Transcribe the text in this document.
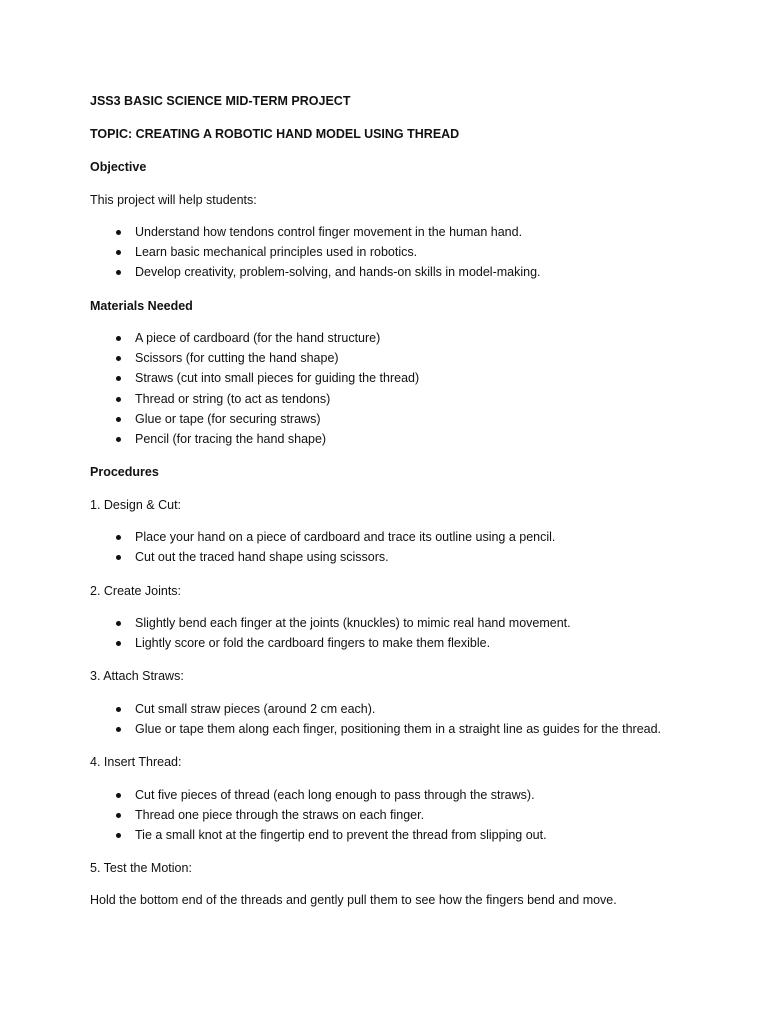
JSS3 BASIC SCIENCE MID-TERM PROJECT

TOPIC: CREATING A ROBOTIC HAND MODEL USING THREAD

Objective

This project will help students:

Understand how tendons control finger movement in the human hand.
Learn basic mechanical principles used in robotics.
Develop creativity, problem-solving, and hands-on skills in model-making.

Materials Needed

A piece of cardboard (for the hand structure)
Scissors (for cutting the hand shape)
Straws (cut into small pieces for guiding the thread)
Thread or string (to act as tendons)
Glue or tape (for securing straws)
Pencil (for tracing the hand shape)

Procedures

1. Design & Cut:

Place your hand on a piece of cardboard and trace its outline using a pencil.
Cut out the traced hand shape using scissors.

2. Create Joints:

Slightly bend each finger at the joints (knuckles) to mimic real hand movement.
Lightly score or fold the cardboard fingers to make them flexible.

3. Attach Straws:

Cut small straw pieces (around 2 cm each).
Glue or tape them along each finger, positioning them in a straight line as guides for the thread.

4. Insert Thread:

Cut five pieces of thread (each long enough to pass through the straws).
Thread one piece through the straws on each finger.
Tie a small knot at the fingertip end to prevent the thread from slipping out.

5. Test the Motion:

Hold the bottom end of the threads and gently pull them to see how the fingers bend and move.
